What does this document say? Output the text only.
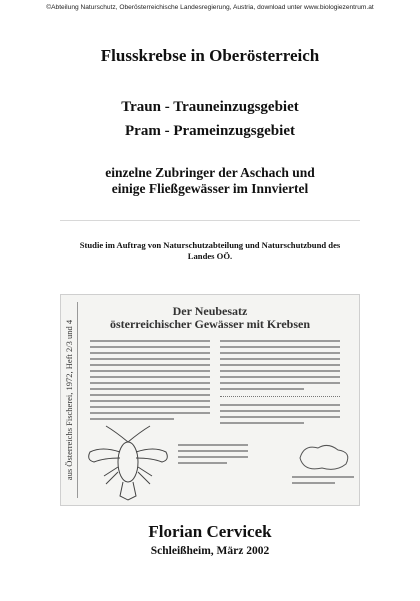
©Abteilung Naturschutz, Oberösterreichische Landesregierung, Austria, download unter www.biologiezentrum.at
Flusskrebse in Oberösterreich
Traun - Trauneinzugsgebiet
Pram - Prameinzugsgebiet
einzelne Zubringer der Aschach und
einige Fließgewässer im Innviertel
Studie im Auftrag von Naturschutzabteilung und Naturschutzbund des
Landes OÖ.
aus Österreichs Fischerei, 1972, Heft 2/3 und 4
Der Neubesatz
österreichischer Gewässer mit Krebsen
Florian Cervicek
Schleißheim, März 2002
